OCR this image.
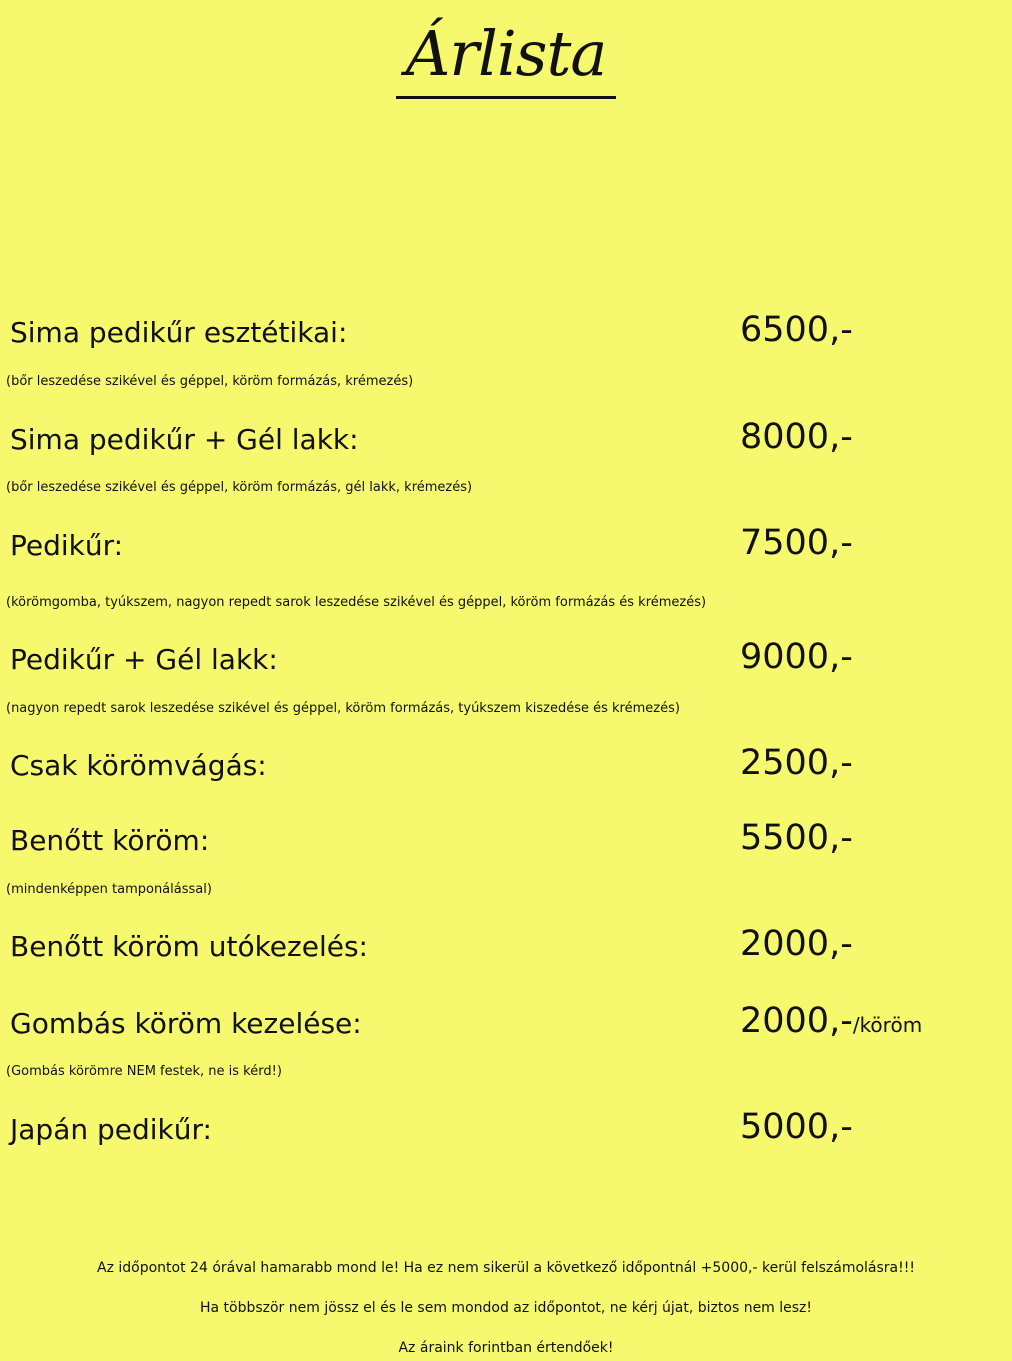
Árlista
Sima pedikűr esztétikai:	6500,-
(bőr leszedése szikével és géppel, köröm formázás, krémezés)
Sima pedikűr + Gél lakk:	8000,-
(bőr leszedése szikével és géppel, köröm formázás, gél lakk, krémezés)
Pedikűr:	7500,-
(körömgomba, tyúkszem, nagyon repedt sarok leszedése szikével és géppel, köröm formázás és krémezés)
Pedikűr + Gél lakk:	9000,-
(nagyon repedt sarok leszedése szikével és géppel, köröm formázás, tyúkszem kiszedése és krémezés)
Csak körömvágás:	2500,-
Benőtt köröm:	5500,-
(mindenképpen tamponálással)
Benőtt köröm utókezelés:	2000,-
Gombás köröm kezelése:	2000,-/köröm
(Gombás körömre NEM festek, ne is kérd!)
Japán pedikűr:	5000,-
Az időpontot 24 órával hamarabb mond le! Ha ez nem sikerül a következő időpontnál +5000,- kerül felszámolásra!!!
Ha többször nem jössz el és le sem mondod az időpontot, ne kérj újat, biztos nem lesz!
Az áraink forintban értendőek!
